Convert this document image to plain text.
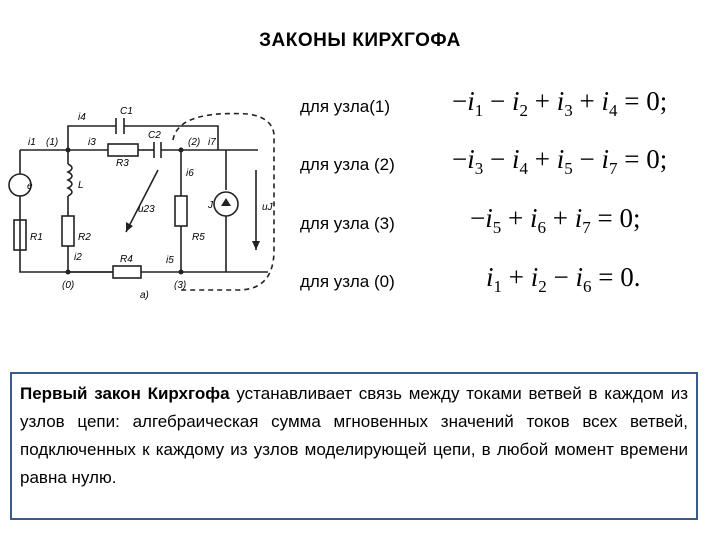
ЗАКОНЫ КИРХГОФА
i4
C1
i1 (1)	i3
R3
C2
(2) i7
e	L
i6
J	uJ
R1	R2
u23
R5
i2	R4	i5
(0)
a)
(3)
для узла(1) $-i_1 - i_2 + i_3 + i_4 = 0$;
для узла $(2) -i_3 - i_4 + i_5 - i_7 = 0$;
для узла (3)	$-i_5 + i_6 + i_7 = 0$;
для узла (0)	$i_1 + i_2 - i_6 = 0$.
Первый закон Кирхгофа устанавливает связь между токами ветвей в каждом из узлов цепи: алгебраическая сумма мгновенных значений токов всех ветвей, подключенных к каждому из узлов моделирующей цепи, в любой момент времени равна нулю.
